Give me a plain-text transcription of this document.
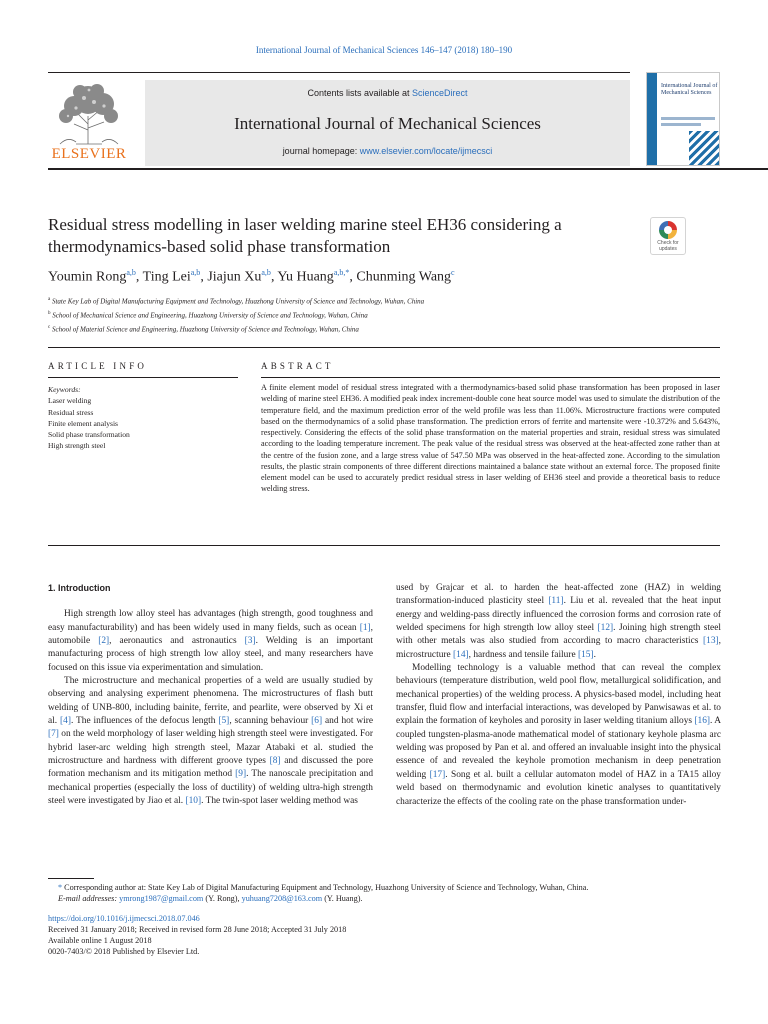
International Journal of Mechanical Sciences 146–147 (2018) 180–190
ELSEVIER
Contents lists available at ScienceDirect
International Journal of Mechanical Sciences
journal homepage: www.elsevier.com/locate/ijmecsci
International Journal of Mechanical Sciences
Residual stress modelling in laser welding marine steel EH36 considering a thermodynamics-based solid phase transformation	Check for updates
Youmin Rong$^{a,b}$, Ting Lei$^{a,b}$, Jiajun Xu$^{a,b}$, Yu Huang$^{a,b,*}$, Chunming Wang$^c$
$^a$ State Key Lab of Digital Manufacturing Equipment and Technology, Huazhong University of Science and Technology, Wuhan, China
$^b$ School of Mechanical Science and Engineering, Huazhong University of Science and Technology, Wuhan, China
$^c$ School of Material Science and Engineering, Huazhong University of Science and Technology, Wuhan, China
ARTICLE INFO	ABSTRACT
Keywords:
Laser welding
Residual stress
Finite element analysis
Solid phase transformation
High strength steel
A finite element model of residual stress integrated with a thermodynamics-based solid phase transformation has been proposed in laser welding of marine steel EH36. A modified peak index increment-double cone heat source model was used to simulate the distribution of the temperature field, and the maximum prediction error of the weld profile was less than 11.06%. Microstructure fractions were computed based on the thermodynamics of a solid phase transformation. The prediction errors of ferrite and martensite were -10.372% and 5.643%, respectively. Considering the effects of the solid phase transformation on the material properties and strain, residual stress was simulated according to the loading temperature increment. The peak value of the residual stress was observed at the heat-affected zone rather than at the centre of the fusion zone, and a large stress value of 547.50 MPa was observed in the heat-affected zone. According to the simulation results, the plastic strain components of three different directions maintained a balance state without an external force. The proposed finite element model can be used to accurately predict residual stress in laser welding of EH36 steel and provide a theoretical basis to reduce welding stress.

1. Introduction

High strength low alloy steel has advantages (high strength, good toughness and easy manufacturability) and has been widely used in many fields, such as ocean [1], automobile [2], aeronautics and astronautics [3]. Welding is an important manufacturing process of high strength low alloy steel, and many researchers have focused on this issue via experimentation and simulation.

The microstructure and mechanical properties of a weld are usually studied by observing and analysing experiment phenomena. The microstructures of flash butt welding of UNB-800, including bainite, ferrite, and pearlite, were observed by Xi et al. [4]. The influences of the defocus length [5], scanning behaviour [6] and hot wire [7] on the weld morphology of laser welding high strength steel were investigated. For hybrid laser-arc welding high strength steel, Mazar Atabaki et al. studied the microstructure and hardness with different groove types [8] and discussed the pore formation mechanism and its mitigation method [9]. The nanoscale precipitation and mechanical properties (especially the loss of ductility) of welding ultra-high strength steel were investigated by Jiao et al. [10]. The twin-spot laser welding method was

used by Grajcar et al. to harden the heat-affected zone (HAZ) in welding transformation-induced plasticity steel [11]. Liu et al. revealed that the heat input energy and welding-pass directly influenced the corrosion forms and corrosion rate of welded specimens for high strength low alloy steel [12]. Joining high strength steel with other metals was also studied from according to macro characteristics [13], microstructure [14], hardness and tensile failure [15].

Modelling technology is a valuable method that can reveal the complex behaviours (temperature distribution, weld pool flow, metallurgical solidification, and mechanical properties) of the welding process. A physics-based model, including heat transfer, fluid flow and interfacial interactions, was developed by Panwisawas et al. to explain the formation of keyholes and porosity in laser welding titanium alloys [16]. A coupled tungsten-plasma-anode mathematical model of stationary keyhole plasma arc welding was proposed by Pan et al. and offered an invaluable insight into the physical essence of and revealed the keyhole promotion mechanism in deep penetration welding [17]. Song et al. built a cellular automaton model of HAZ in a TA15 alloy weld based on thermodynamic and evolution kinetic analyses to quantitatively characterize the effects of the cooling rate on the phase transformation under-

* Corresponding author at: State Key Lab of Digital Manufacturing Equipment and Technology, Huazhong University of Science and Technology, Wuhan, China.
E-mail addresses: ymrong1987@gmail.com (Y. Rong), yuhuang7208@163.com (Y. Huang).
https://doi.org/10.1016/j.ijmecsci.2018.07.046
Received 31 January 2018; Received in revised form 28 June 2018; Accepted 31 July 2018
Available online 1 August 2018
0020-7403/© 2018 Published by Elsevier Ltd.
